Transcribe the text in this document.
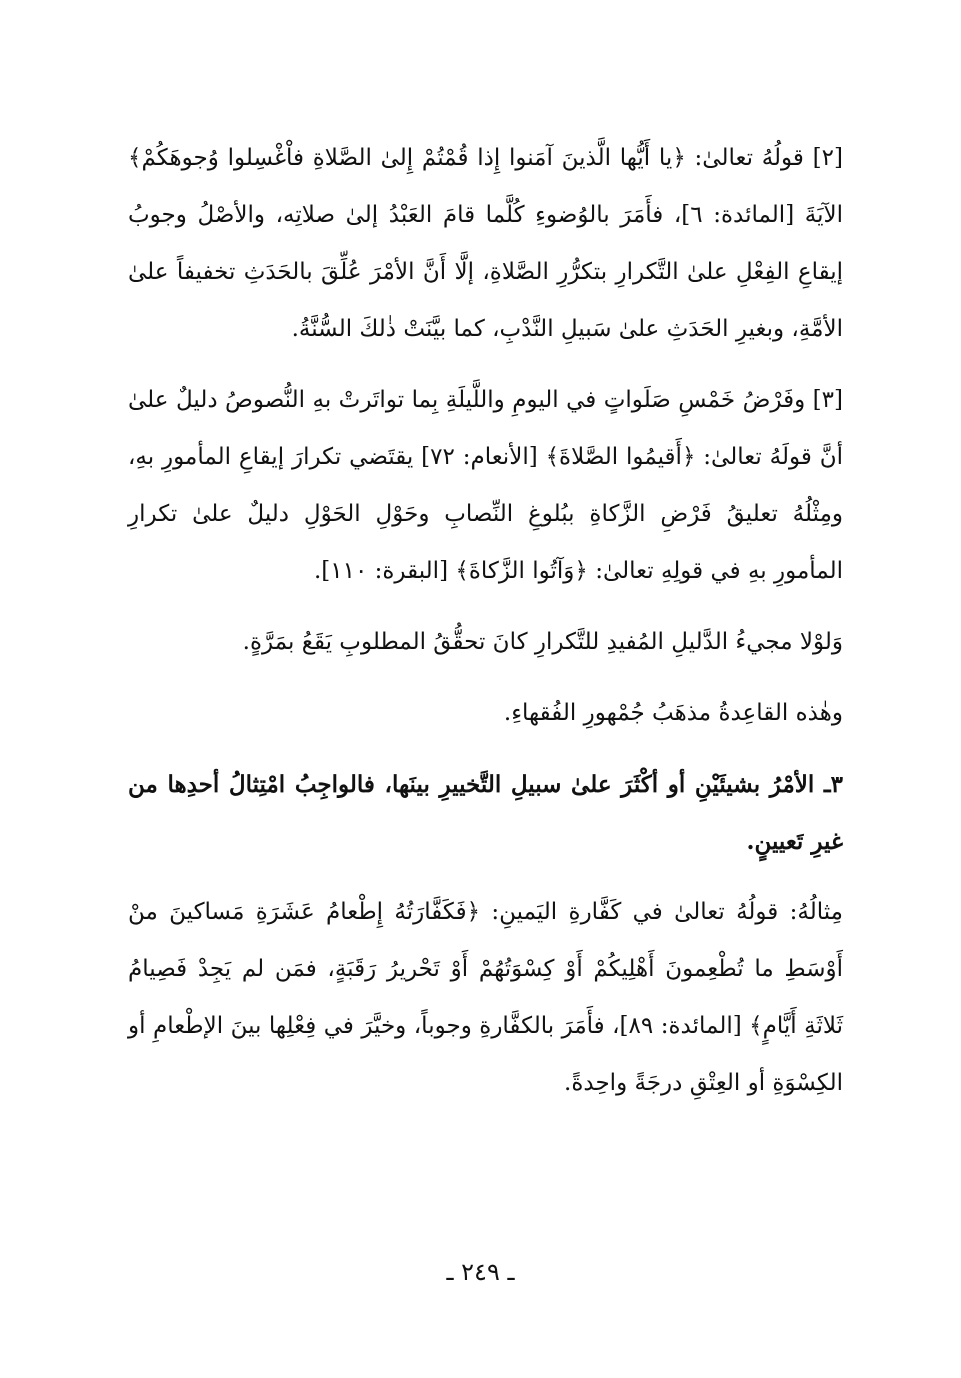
[٢] قولُهُ تعالىٰ: ﴿يا أَيُّها الَّذينَ آمَنوا إِذا قُمْتُمْ إِلىٰ الصَّلاةِ فاْغْسِلوا وُجوهَكُمْ﴾ الآيَةَ [المائدة: ٦]، فأَمَرَ بالوُضوءِ كُلَّما قامَ العَبْدُ إلىٰ صلاتِه، والأصْلُ وجوبُ إيقاعِ الفِعْلِ علىٰ التَّكرارِ بتكرُّرِ الصَّلاةِ، إلَّا أَنَّ الأمْرَ عُلِّقَ بالحَدَثِ تخفيفاً علىٰ الأمَّةِ، وبغيرِ الحَدَثِ علىٰ سَبيلِ النَّدْبِ، كما بيَّنَتْ ذٰلكَ السُّنَّةُ.

[٣] وفَرْضُ خَمْسِ صَلَواتٍ في اليومِ واللَّيلَةِ بِما تواتَرتْ بهِ النُّصوصُ دليلٌ علىٰ أنَّ قولَهُ تعالىٰ: ﴿أَقيمُوا الصَّلاةَ﴾ [الأنعام: ٧٢] يقتَضي تكرارَ إيقاعِ المأمورِ بهِ، ومِثْلُهُ تعليقُ فَرْضِ الزَّكاةِ ببُلوغِ النِّصابِ وحَوْلِ الحَوْلِ دليلٌ علىٰ تكرارِ المأمورِ بهِ في قولِهِ تعالىٰ: ﴿وَآتُوا الزَّكاةَ﴾ [البقرة: ١١٠].

وَلوْلا مجيءُ الدَّليلِ المُفيدِ للتَّكرارِ كانَ تحقُّقُ المطلوبِ يَقَعُ بمَرَّةٍ.

وهٰذه القاعِدةُ مذهَبُ جُمْهورِ الفُقهاءِ.

٣ـ الأمْرُ بشيئَيْنِ أو أكْثَرَ علىٰ سبيلِ التَّخييرِ بينَها، فالواجِبُ امْتِثالُ أحدِها من غيرِ تَعيينٍ.

مِثالُهُ: قولُهُ تعالىٰ في كَفَّارةِ اليَمينِ: ﴿فَكَفَّارَتُهُ إِطْعامُ عَشَرَةِ مَساكينَ منْ أَوْسَطِ ما تُطْعِمونَ أَهْلِيكُمْ أَوْ كِسْوَتُهُمْ أَوْ تَحْريرُ رَقَبَةٍ، فمَن لم يَجِدْ فَصِيامُ ثَلاثَةِ أَيَّامٍ﴾ [المائدة: ٨٩]، فأَمَرَ بالكفَّارةِ وجوباً، وخيَّرَ في فِعْلِها بينَ الإطْعامِ أو الكِسْوَةِ أو العِتْقِ درجَةً واحِدةً.

ـ ٢٤٩ ـ
